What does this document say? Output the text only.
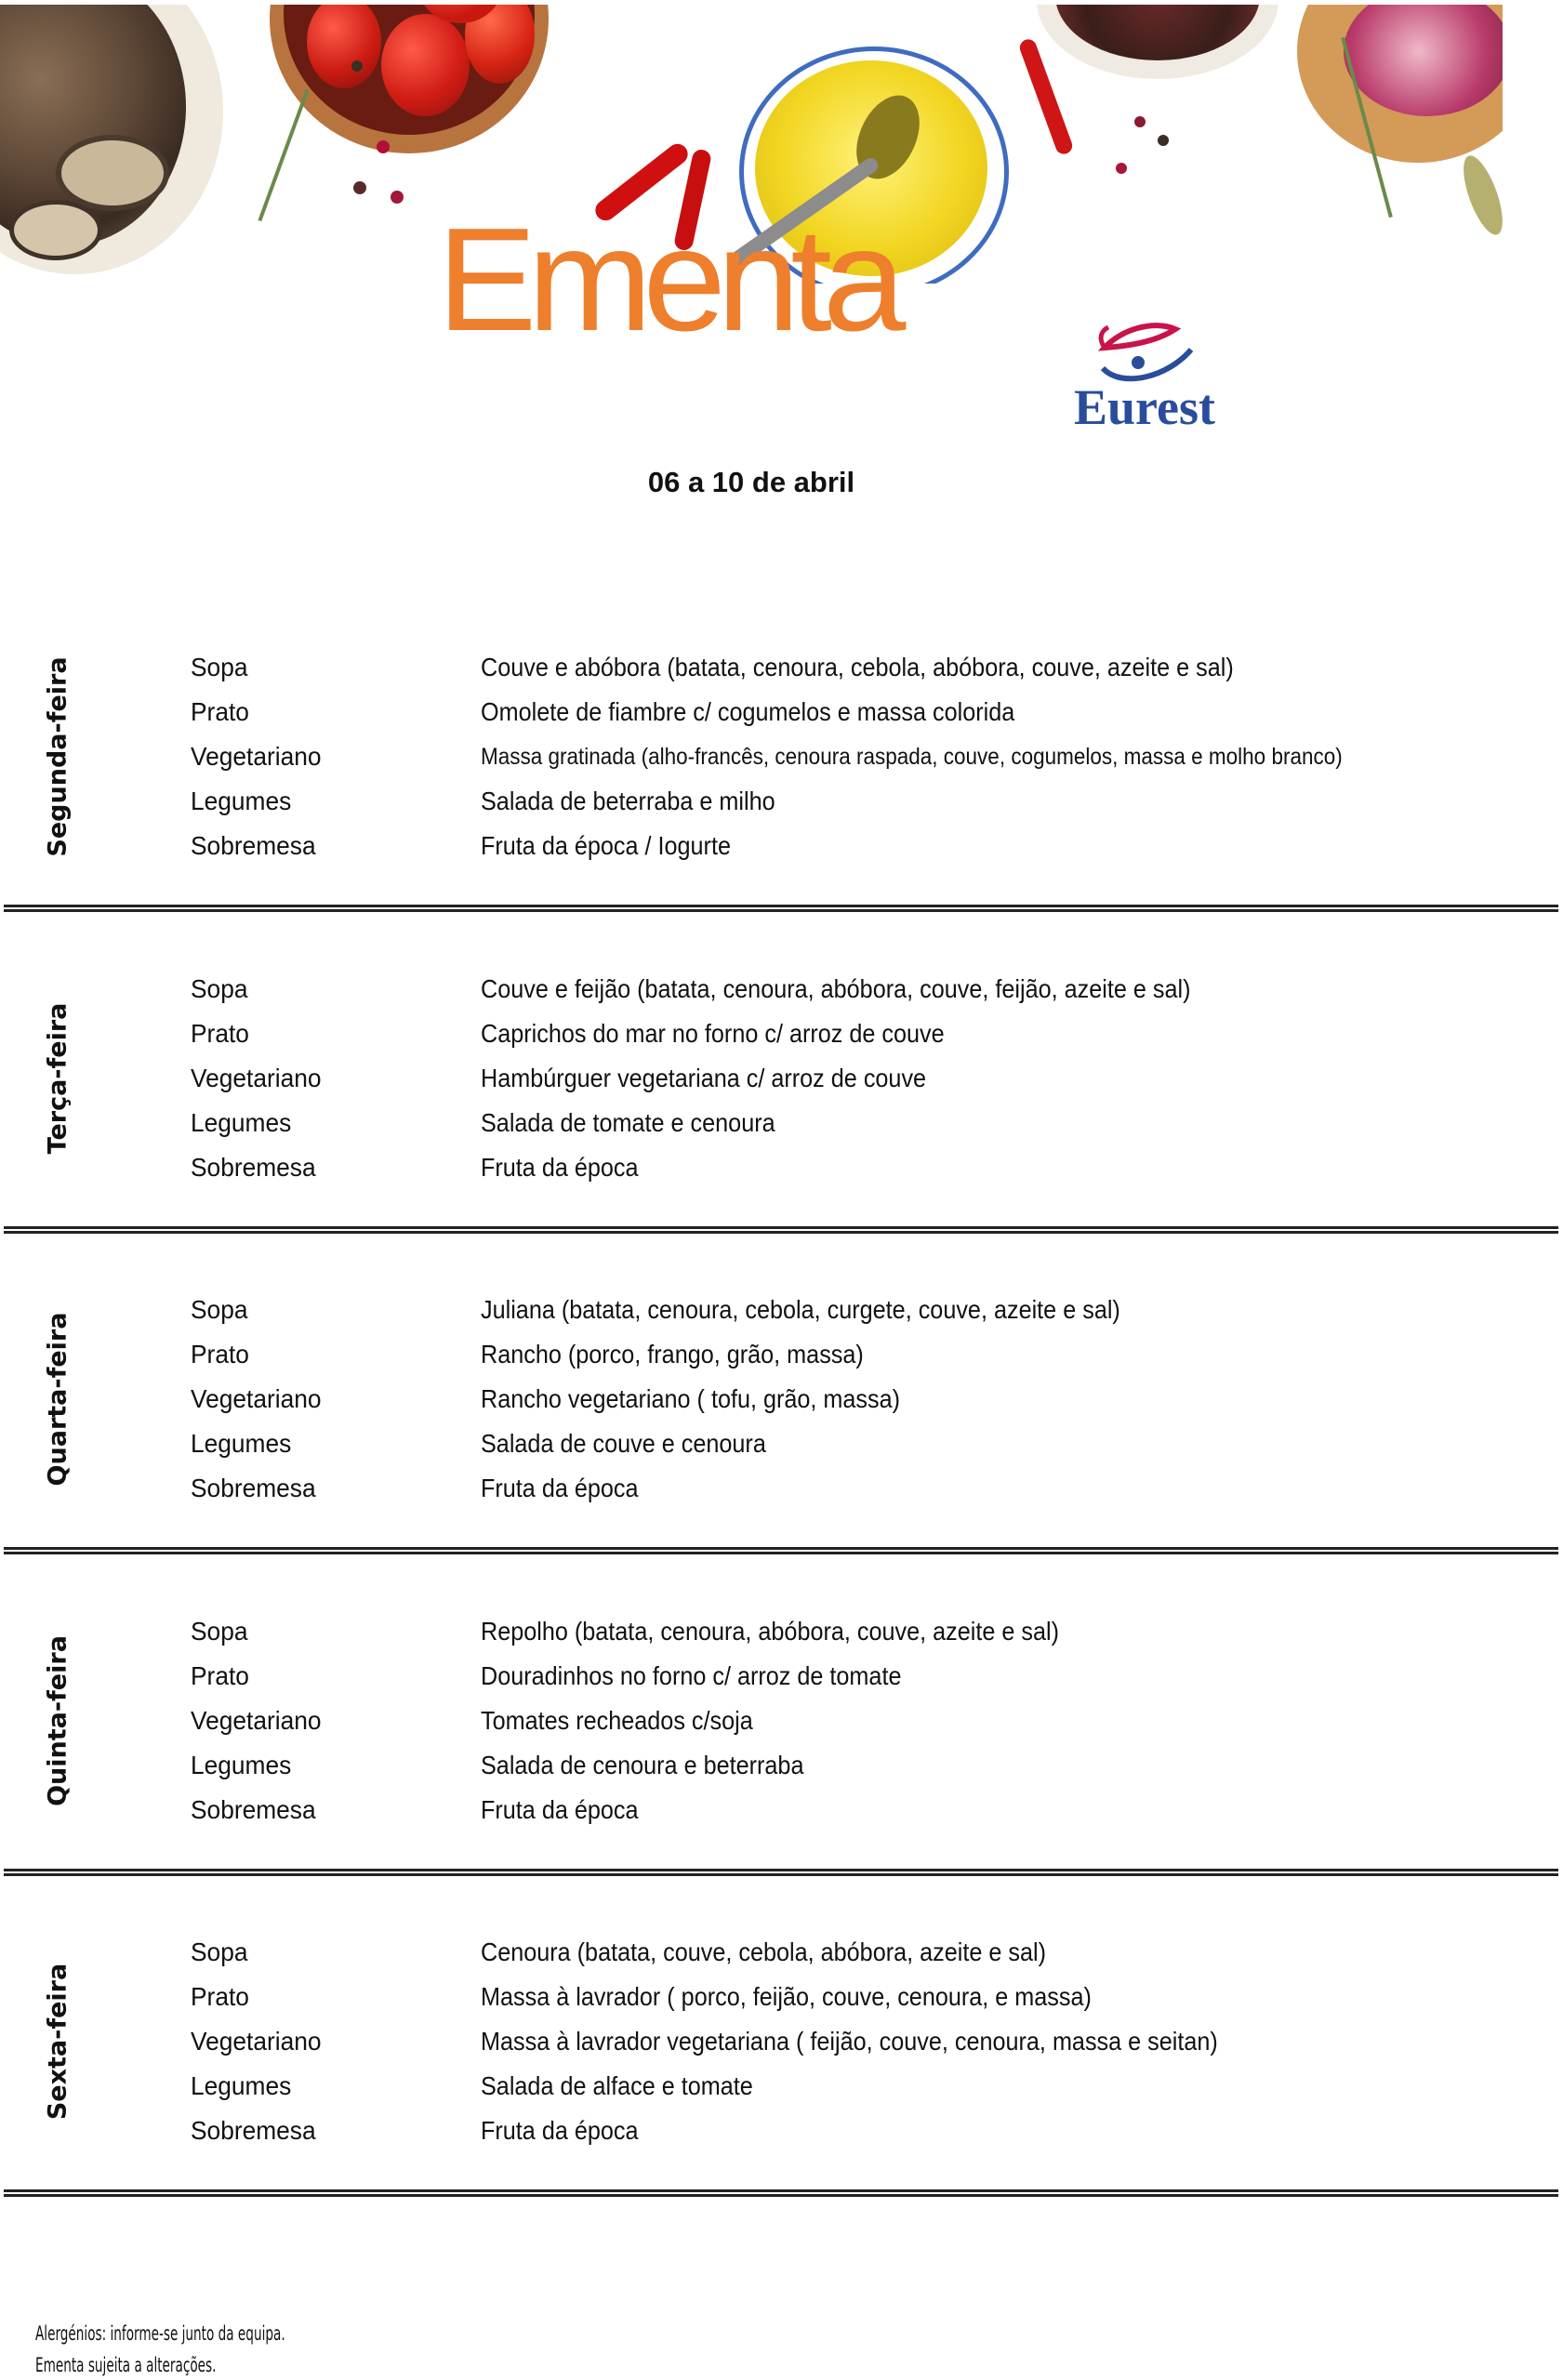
Ementa
Eurest
06 a 10 de abril
Segunda-feira	Sopa	Couve e abóbora (batata, cenoura, cebola, abóbora, couve, azeite e sal)
Prato	Omolete de fiambre c/ cogumelos e massa colorida
Vegetariano	Massa gratinada (alho-francês, cenoura raspada, couve, cogumelos, massa e molho branco)
Legumes	Salada de beterraba e milho
Sobremesa	Fruta da época / Iogurte
Terça-feira
Sopa	Couve e feijão (batata, cenoura, abóbora, couve, feijão, azeite e sal)
Prato	Caprichos do mar no forno c/ arroz de couve
Vegetariano	Hambúrguer vegetariana c/ arroz de couve
Legumes	Salada de tomate e cenoura
Sobremesa	Fruta da época
Quarta-feira
Sopa	Juliana (batata, cenoura, cebola, curgete, couve, azeite e sal)
Prato	Rancho (porco, frango, grão, massa)
Vegetariano	Rancho vegetariano ( tofu, grão, massa)
Legumes	Salada de couve e cenoura
Sobremesa	Fruta da época
Quinta-feira
Sopa	Repolho (batata, cenoura, abóbora, couve, azeite e sal)
Prato	Douradinhos no forno c/ arroz de tomate
Vegetariano	Tomates recheados c/soja
Legumes	Salada de cenoura e beterraba
Sobremesa	Fruta da época
Sexta-feira
Sopa	Cenoura (batata, couve, cebola, abóbora, azeite e sal)
Prato	Massa à lavrador ( porco, feijão, couve, cenoura, e massa)
Vegetariano	Massa à lavrador vegetariana ( feijão, couve, cenoura, massa e seitan)
Legumes	Salada de alface e tomate
Sobremesa	Fruta da época
Alergénios: informe-se junto da equipa.
Ementa sujeita a alterações.
